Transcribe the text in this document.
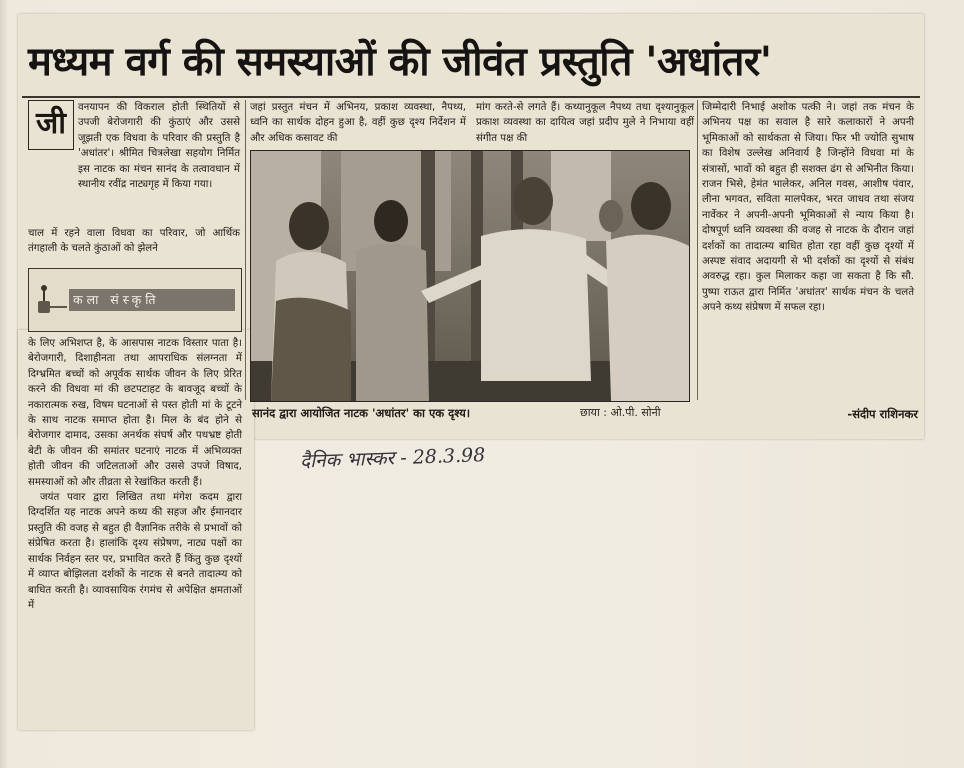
मध्यम वर्ग की समस्याओं की जीवंत प्रस्तुति 'अधांतर'
जी	वनयापन की विकराल होती स्थितियों से उपजी बेरोजगारी की कुंठाएं और उससे जूझती एक विधवा के परिवार की प्रस्तुति है 'अधांतर'। श्रीमित चित्रलेखा सहयोग निर्मित इस नाटक का मंचन सानंद के तत्वावधान में स्थानीय रवींद्र नाट्यगृह में किया गया।

चाल में रहने वाला विधवा का परिवार, जो आर्थिक तंगहाली के चलते कुंठाओं को झेलने

कला संस्कृति

के लिए अभिशप्त है, के आसपास नाटक विस्तार पाता है। बेरोजगारी, दिशाहीनता तथा आपराधिक संलग्नता में दिग्भ्रमित बच्चों को अपूर्वक सार्थक जीवन के लिए प्रेरित करने की विधवा मां की छटपटाहट के बावजूद बच्चों के नकारात्मक रुख, विषम घटनाओं से पस्त होती मां के टूटने के साथ नाटक समाप्त होता है। मिल के बंद होने से बेरोजगार दामाद, उसका अनर्थक संघर्ष और पथभ्रष्ट होती बेटी के जीवन की समांतर घटनाएं नाटक में अभिव्यक्त होती जीवन की जटिलताओं और उससे उपजे विषाद, समस्याओं को और तीव्रता से रेखांकित करती हैं।

जयंत पवार द्वारा लिखित तथा मंगेश कदम द्वारा दिग्दर्शित यह नाटक अपने कथ्य की सहज और ईमानदार प्रस्तुति की वजह से बहुत ही वैज्ञानिक तरीके से प्रभावों को संप्रेषित करता है। हालांकि दृश्य संप्रेषण, नाट्य पक्षों का सार्थक निर्वहन स्तर पर, प्रभावित करते हैं किंतु कुछ दृश्यों में व्याप्त बोझिलता दर्शकों के नाटक से बनते तादात्म्य को बाधित करती है। व्यावसायिक रंगमंच से अपेक्षित क्षमताओं में

जहां प्रस्तुत मंचन में अभिनय, प्रकाश व्यवस्था, नैपथ्य, ध्वनि का सार्थक दोहन हुआ है, वहीं कुछ दृश्य निर्देशन में और अधिक कसावट की
मांग करते-से लगते हैं। कथ्यानुकूल नैपथ्य तथा दृश्यानुकूल प्रकाश व्यवस्था का दायित्व जहां प्रदीप मुले ने निभाया वहीं संगीत पक्ष की
जिम्मेदारी निभाई अशोक पत्की ने। जहां तक मंचन के अभिनय पक्ष का सवाल है सारे कलाकारों ने अपनी भूमिकाओं को सार्थकता से जिया। फिर भी ज्योति सुभाष का विशेष उल्लेख अनिवार्य है जिन्होंने विधवा मां के संत्रासों, भावों को बहुत ही सशक्त ढंग से अभिनीत किया। राजन भिसे, हेमंत भालेकर, अनिल गवस, आशीष पंवार, लीना भगवत, सविता मालपेकर, भरत जाधव तथा संजय नार्वेकर ने अपनी-अपनी भूमिकाओं से न्याय किया है। दोषपूर्ण ध्वनि व्यवस्था की वजह से नाटक के दौरान जहां दर्शकों का तादात्म्य बाधित होता रहा वहीं कुछ दृश्यों में अस्पष्ट संवाद अदायगी से भी दर्शकों का दृश्यों से संबंध अवरुद्ध रहा। कुल मिलाकर कहा जा सकता है कि सौ. पुष्पा राऊत द्वारा निर्मित 'अधांतर' सार्थक मंचन के चलते अपने कथ्य संप्रेषण में सफल रहा।
सानंद द्वारा आयोजित नाटक 'अधांतर' का एक दृश्य।	छाया : ओ.पी. सोनी	-संदीप राशिनकर
दैनिक भास्कर - 28.3.98
